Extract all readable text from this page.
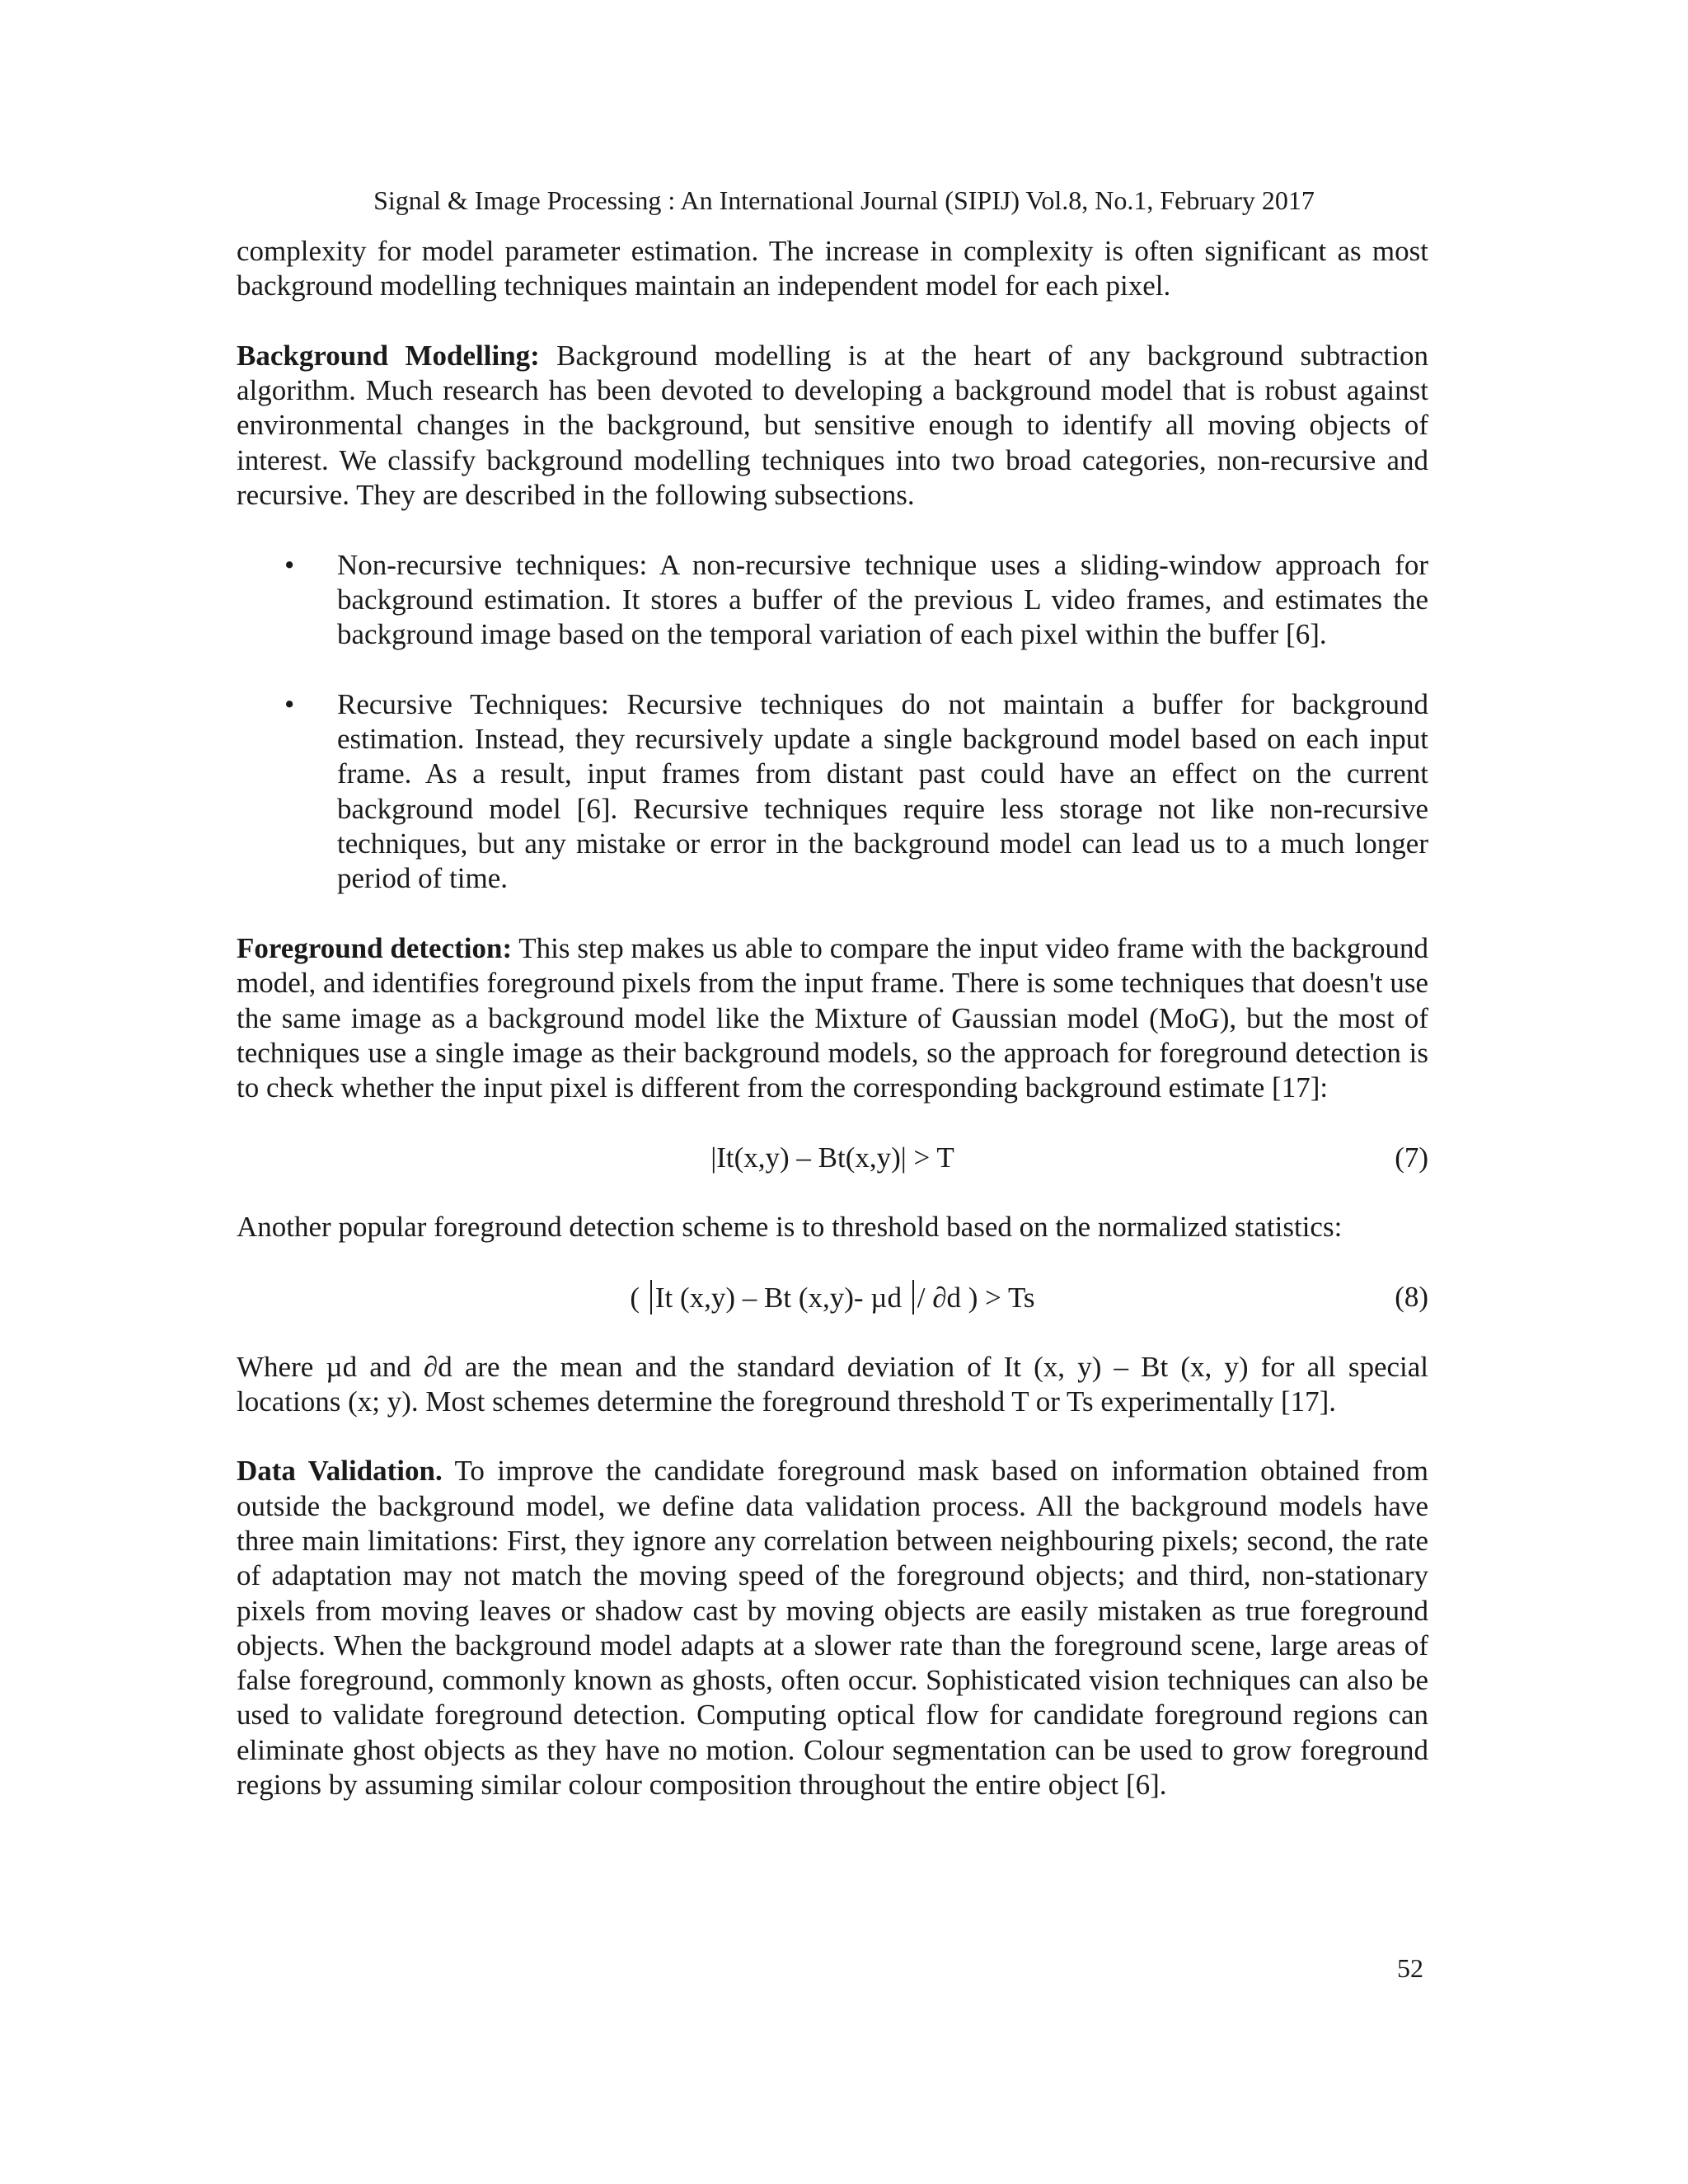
Signal & Image Processing : An International Journal (SIPIJ) Vol.8, No.1, February 2017

complexity for model parameter estimation. The increase in complexity is often significant as most background modelling techniques maintain an independent model for each pixel.

Background Modelling: Background modelling is at the heart of any background subtraction algorithm. Much research has been devoted to developing a background model that is robust against environmental changes in the background, but sensitive enough to identify all moving objects of interest. We classify background modelling techniques into two broad categories, non-recursive and recursive. They are described in the following subsections.

• Non-recursive techniques: A non-recursive technique uses a sliding-window approach for background estimation. It stores a buffer of the previous L video frames, and estimates the background image based on the temporal variation of each pixel within the buffer [6].
• Recursive Techniques: Recursive techniques do not maintain a buffer for background estimation. Instead, they recursively update a single background model based on each input frame. As a result, input frames from distant past could have an effect on the current background model [6]. Recursive techniques require less storage not like non-recursive techniques, but any mistake or error in the background model can lead us to a much longer period of time.

Foreground detection: This step makes us able to compare the input video frame with the background model, and identifies foreground pixels from the input frame. There is some techniques that doesn't use the same image as a background model like the Mixture of Gaussian model (MoG), but the most of techniques use a single image as their background models, so the approach for foreground detection is to check whether the input pixel is different from the corresponding background estimate [17]:

|It(x,y) – Bt(x,y)| > T	(7)

Another popular foreground detection scheme is to threshold based on the normalized statistics:

( It (x,y) – Bt (x,y)- µd / ∂d ) > Ts	(8)

Where µd and ∂d are the mean and the standard deviation of It (x, y) – Bt (x, y) for all special locations (x; y). Most schemes determine the foreground threshold T or Ts experimentally [17].

Data Validation. To improve the candidate foreground mask based on information obtained from outside the background model, we define data validation process. All the background models have three main limitations: First, they ignore any correlation between neighbouring pixels; second, the rate of adaptation may not match the moving speed of the foreground objects; and third, non-stationary pixels from moving leaves or shadow cast by moving objects are easily mistaken as true foreground objects. When the background model adapts at a slower rate than the foreground scene, large areas of false foreground, commonly known as ghosts, often occur. Sophisticated vision techniques can also be used to validate foreground detection. Computing optical flow for candidate foreground regions can eliminate ghost objects as they have no motion. Colour segmentation can be used to grow foreground regions by assuming similar colour composition throughout the entire object [6].

52
